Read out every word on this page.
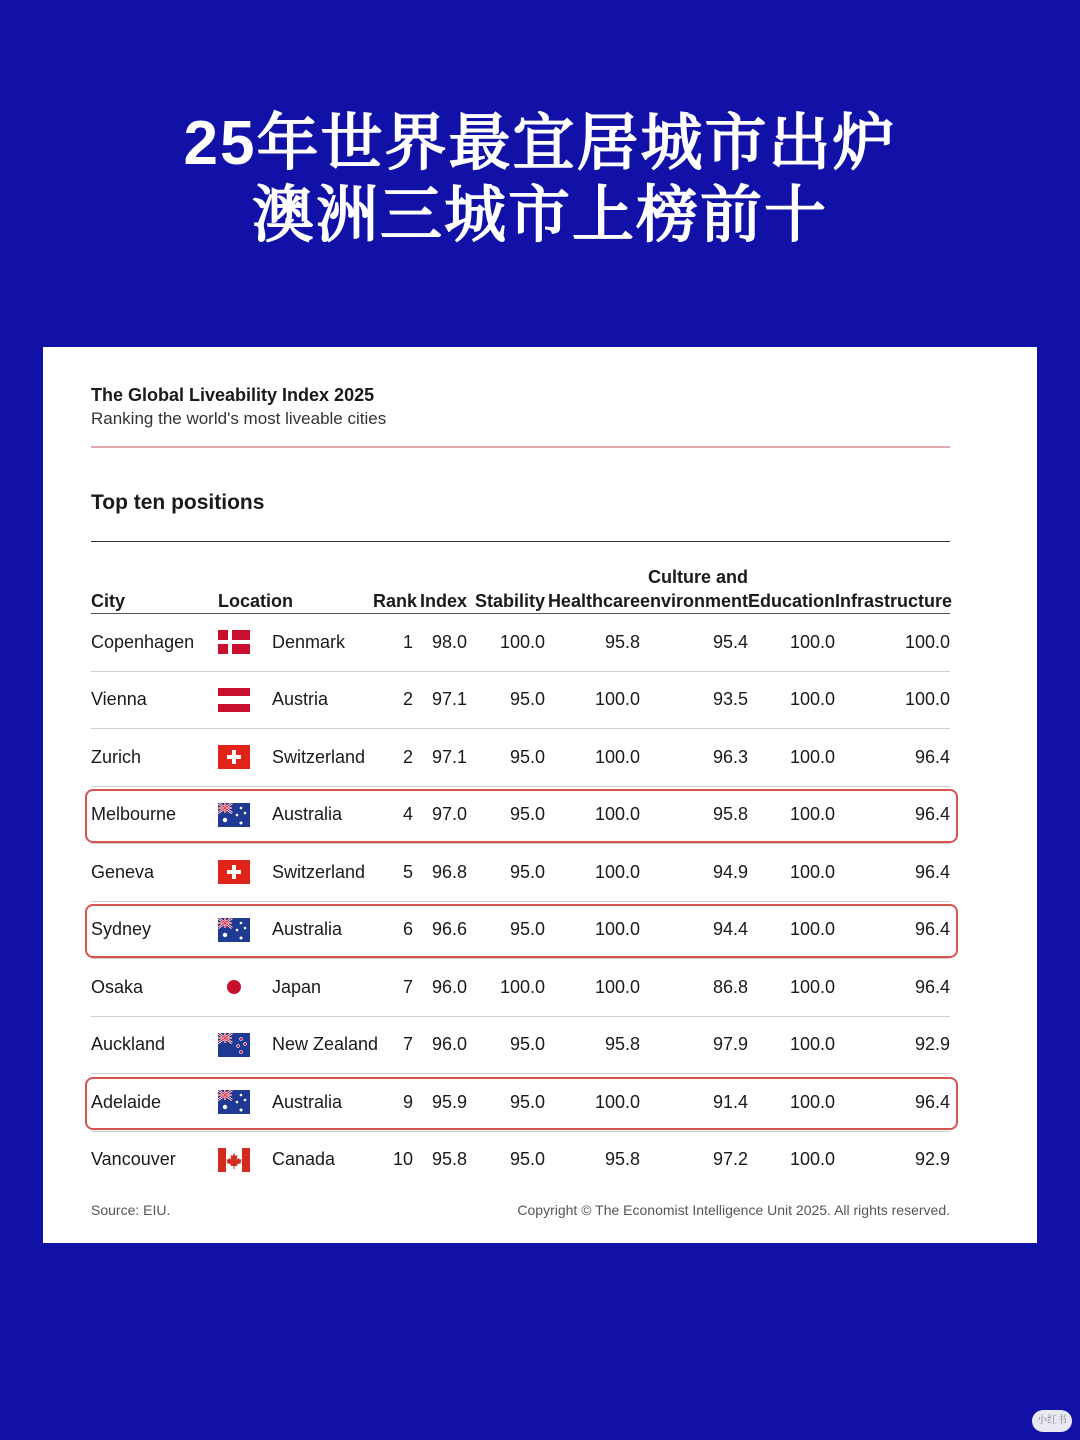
25年世界最宜居城市出炉
澳洲三城市上榜前十
The Global Liveability Index 2025
Ranking the world's most liveable cities
Top ten positions
City	Location	Rank	Index	Stability	Healthcare	Culture and
environment	Education	Infrastructure
Copenhagen	Denmark	1	98.0	100.0	95.8	95.4	100.0	100.0
Vienna	Austria	2	97.1	95.0	100.0	93.5	100.0	100.0
Zurich	Switzerland	2	97.1	95.0	100.0	96.3	100.0	96.4
Melbourne	Australia	4	97.0	95.0	100.0	95.8	100.0	96.4
Geneva	Switzerland	5	96.8	95.0	100.0	94.9	100.0	96.4
Sydney	Australia	6	96.6	95.0	100.0	94.4	100.0	96.4
Osaka	Japan	7	96.0	100.0	100.0	86.8	100.0	96.4
Auckland	New Zealand	7	96.0	95.0	95.8	97.9	100.0	92.9
Adelaide	Australia	9	95.9	95.0	100.0	91.4	100.0	96.4
Vancouver	Canada	10	95.8	95.0	95.8	97.2	100.0	92.9
Source: EIU.	Copyright © The Economist Intelligence Unit 2025. All rights reserved.
小红书
